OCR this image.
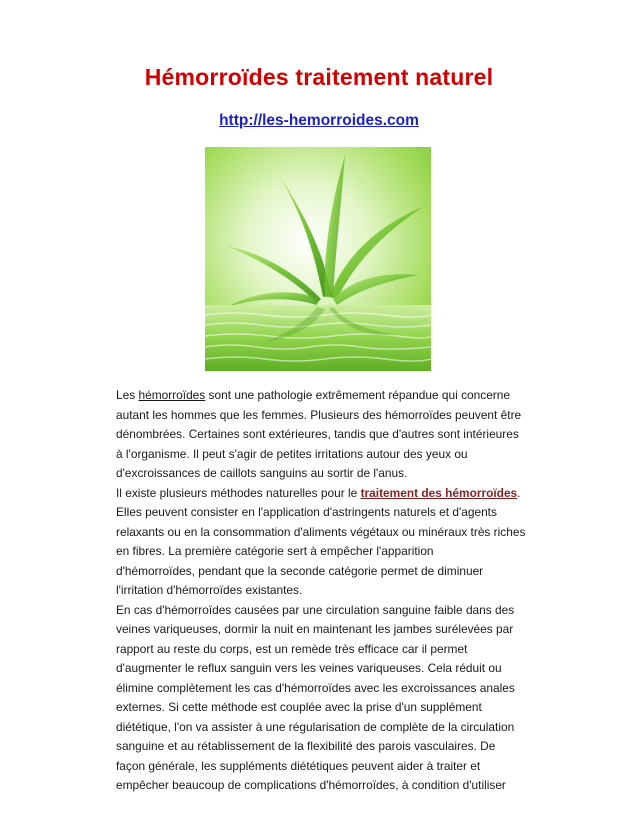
Hémorroïdes traitement naturel
http://les-hemorroides.com
Les hémorroïdes sont une pathologie extrêmement répandue qui concerne
autant les hommes que les femmes. Plusieurs des hémorroïdes peuvent être
dénombrées. Certaines sont extérieures, tandis que d'autres sont intérieures
à l'organisme. Il peut s'agir de petites irritations autour des yeux ou
d'excroissances de caillots sanguins au sortir de l'anus.
Il existe plusieurs méthodes naturelles pour le traitement des hémorroïdes.
Elles peuvent consister en l'application d'astringents naturels et d'agents
relaxants ou en la consommation d'aliments végétaux ou minéraux très riches
en fibres. La première catégorie sert à empêcher l'apparition
d'hémorroïdes, pendant que la seconde catégorie permet de diminuer
l'irritation d'hémorroïdes existantes.
En cas d'hémorroïdes causées par une circulation sanguine faible dans des
veines variqueuses, dormir la nuit en maintenant les jambes surélevées par
rapport au reste du corps, est un remède très efficace car il permet
d'augmenter le reflux sanguin vers les veines variqueuses. Cela réduit ou
élimine complètement les cas d'hémorroïdes avec les excroissances anales
externes. Si cette méthode est couplée avec la prise d'un supplément
diététique, l'on va assister à une régularisation de complète de la circulation
sanguine et au rétablissement de la flexibilité des parois vasculaires. De
façon générale, les suppléments diététiques peuvent aider à traiter et
empêcher beaucoup de complications d'hémorroïdes, à condition d'utiliser
